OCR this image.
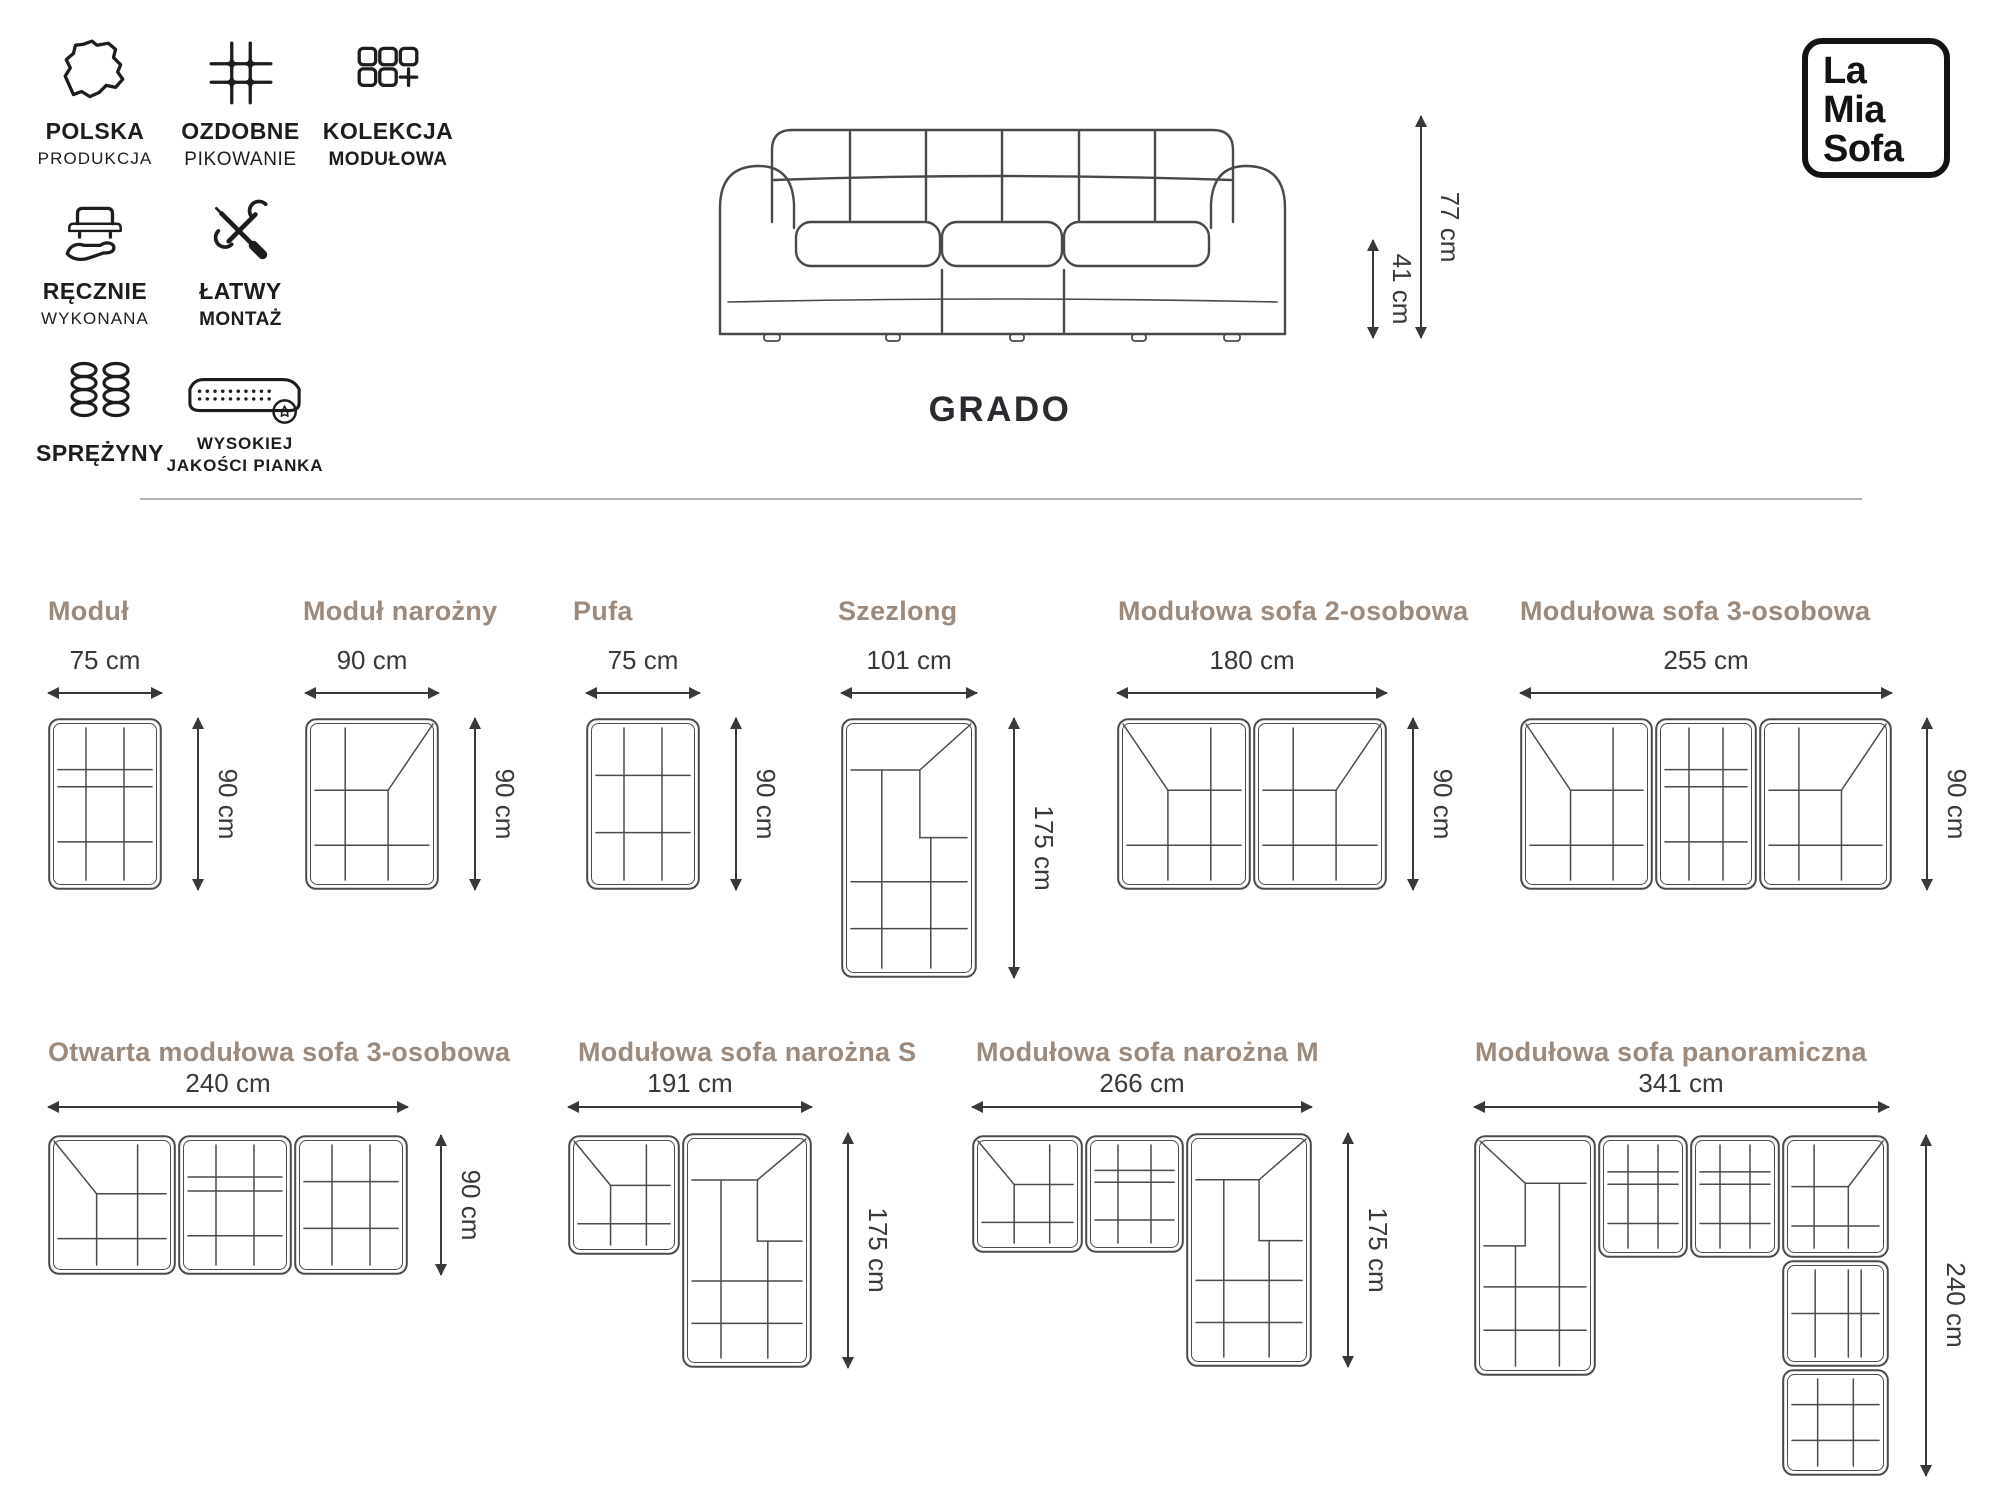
POLSKA
PRODUKCJA
OZDOBNE
PIKOWANIE
KOLEKCJA
MODUŁOWA
RĘCZNIE
WYKONANA
ŁATWY
MONTAŻ
SPRĘŻYNY	WYSOKIEJ
JAKOŚCI PIANKA
La
Mia
Sofa
41 cm
77 cm
GRADO
Moduł
75 cm
90 cm
Moduł narożny
90 cm
90 cm
Pufa
75 cm
90 cm
Szezlong
101 cm
175 cm
Modułowa sofa 2-osobowa
180 cm
90 cm
Modułowa sofa 3-osobowa
255 cm
90 cm
Otwarta modułowa sofa 3-osobowa
240 cm
90 cm
Modułowa sofa narożna S
191 cm
175 cm
Modułowa sofa narożna M
266 cm
175 cm
Modułowa sofa panoramiczna
341 cm
240 cm
